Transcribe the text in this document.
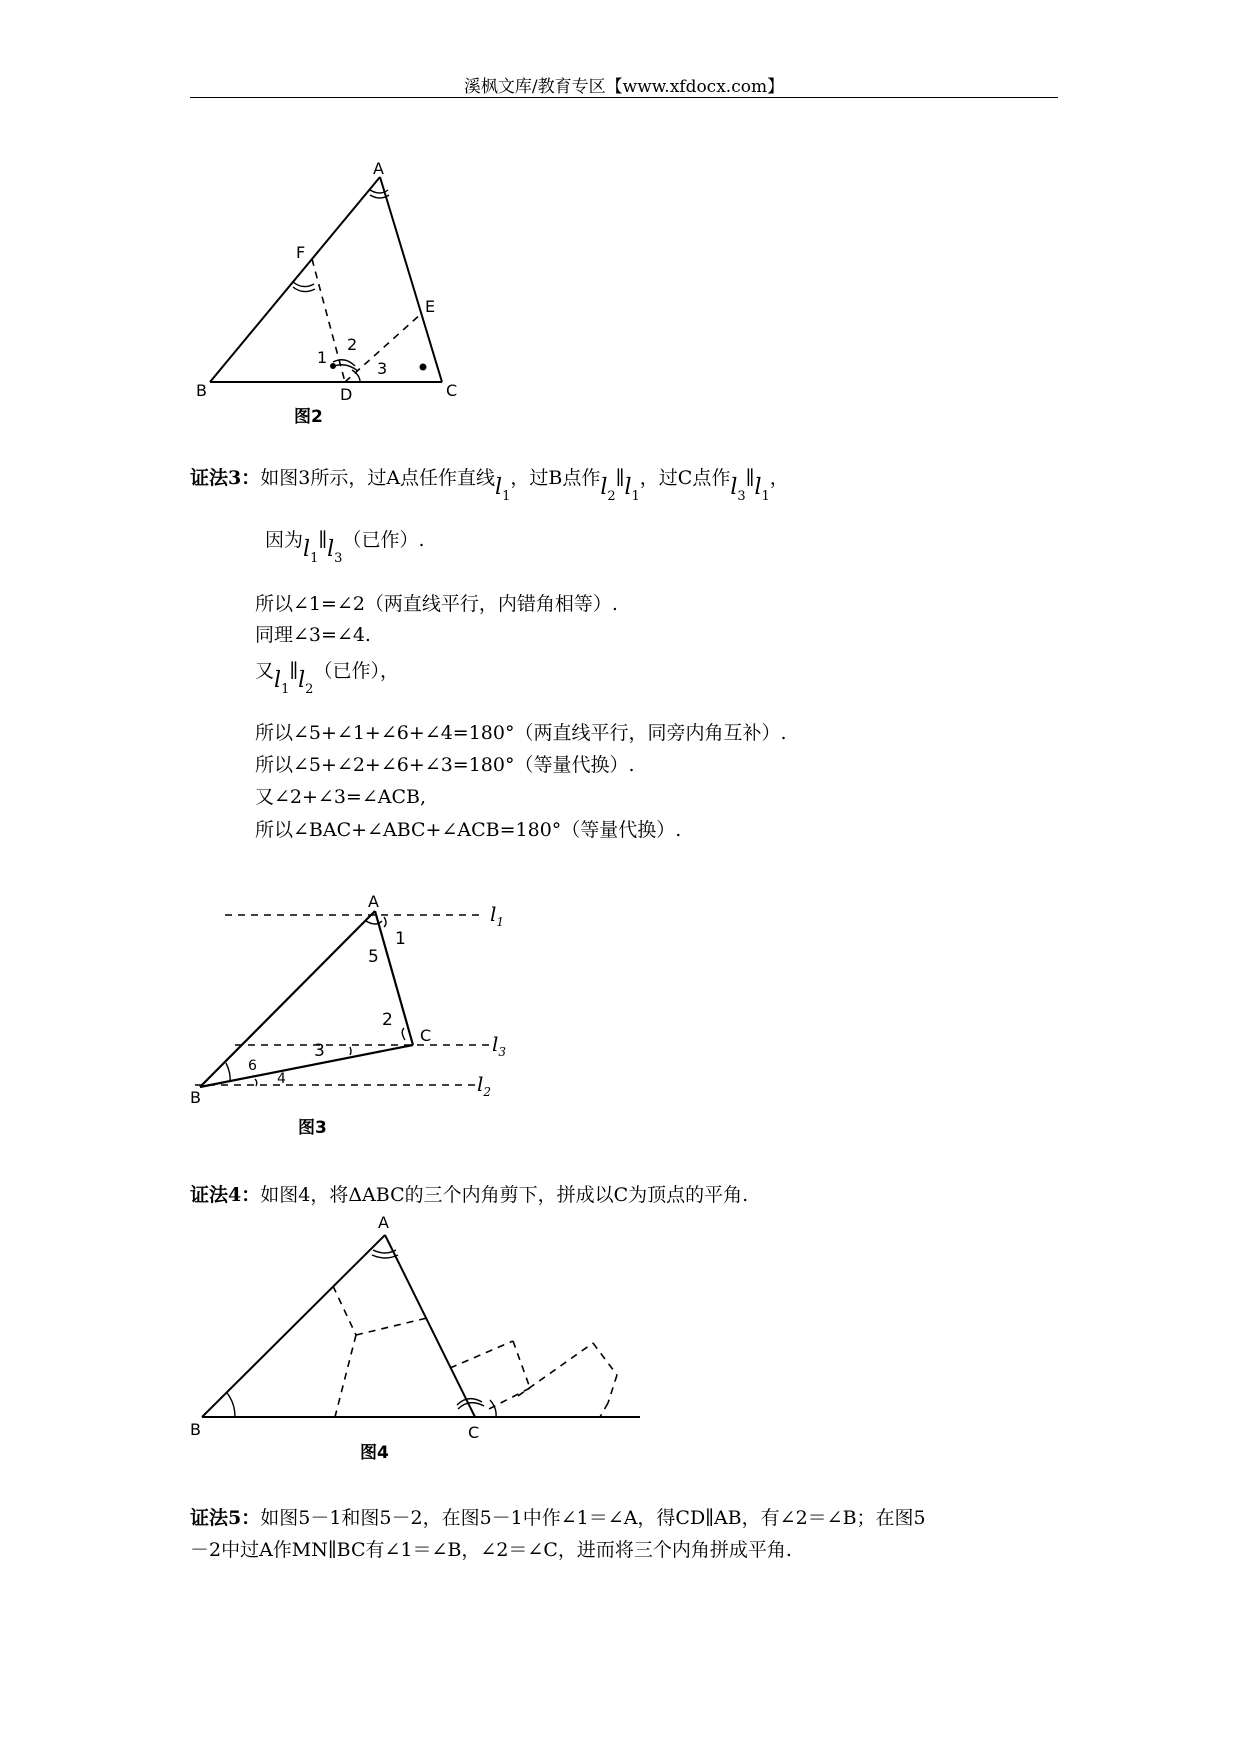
溪枫文库/教育专区【www.xfdocx.com】
A
B	C
D
E
F
1
2
3
图2
证法3：如图3所示，过A点任作直线$l_1$，过B点作$l_2\parallel l_1$，过C点作$l_3\parallel l_1$，
因为$l_1\parallel l_3$（已作）.
所以∠1=∠2（两直线平行，内错角相等）.
同理∠3=∠4.
又$l_1\parallel l_2$（已作），
所以∠5+∠1+∠6+∠4=180°（两直线平行，同旁内角互补）.
所以∠5+∠2+∠6+∠3=180°（等量代换）.
又∠2+∠3=∠ACB,
所以∠BAC+∠ABC+∠ACB=180°（等量代换）.
A
B
C
1
2
3
4
5
6
$l_1$
$l_3$
$l_2$
图3
证法4：如图4，将ΔABC的三个内角剪下，拼成以C为顶点的平角.
A
B	C
图4
证法5：如图5－1和图5－2，在图5－1中作∠1＝∠A，得CD∥AB，有∠2＝∠B；在图5
－2中过A作MN∥BC有∠1＝∠B，∠2＝∠C，进而将三个内角拼成平角.
